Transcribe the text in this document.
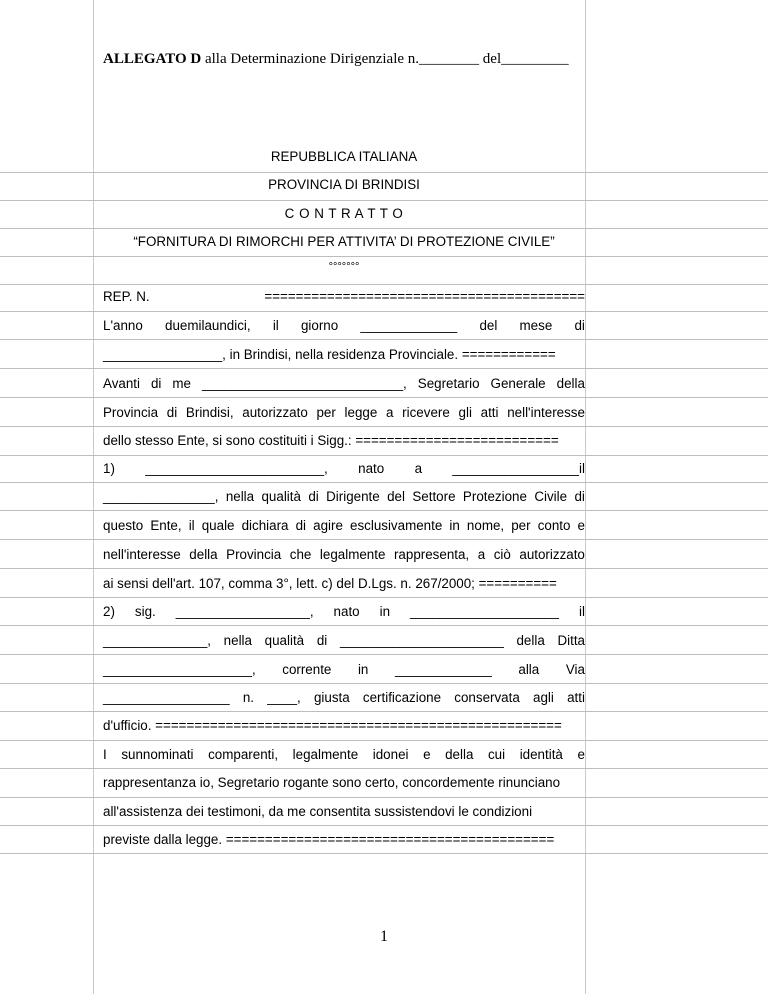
ALLEGATO D alla Determinazione Dirigenziale n.________ del_________
REPUBBLICA ITALIANA
PROVINCIA DI BRINDISI
C O N T R A T T O
“FORNITURA DI RIMORCHI PER ATTIVITA’ DI PROTEZIONE CIVILE”
°°°°°°°
REP. N.	=========================================
L'anno duemilaundici, il giorno _____________ del mese di
________________, in Brindisi, nella residenza Provinciale. ============
Avanti di me ___________________________, Segretario Generale della
Provincia di Brindisi, autorizzato per legge a ricevere gli atti nell'interesse
dello stesso Ente, si sono costituiti i Sigg.: ==========================
1) ________________________, nato a _________________il
_______________, nella qualità di Dirigente del Settore Protezione Civile di
questo Ente, il quale dichiara di agire esclusivamente in nome, per conto e
nell'interesse della Provincia che legalmente rappresenta, a ciò autorizzato
ai sensi dell'art. 107, comma 3°, lett. c) del D.Lgs. n. 267/2000; ==========
2) sig. __________________, nato in ____________________ il
______________, nella qualità di ______________________ della Ditta
____________________, corrente in _____________ alla Via
_________________ n. ____, giusta certificazione conservata agli atti
d'ufficio. ====================================================
I sunnominati comparenti, legalmente idonei e della cui identità e
rappresentanza io, Segretario rogante sono certo, concordemente rinunciano
all'assistenza dei testimoni, da me consentita sussistendovi le condizioni
previste dalla legge. ==========================================
1
